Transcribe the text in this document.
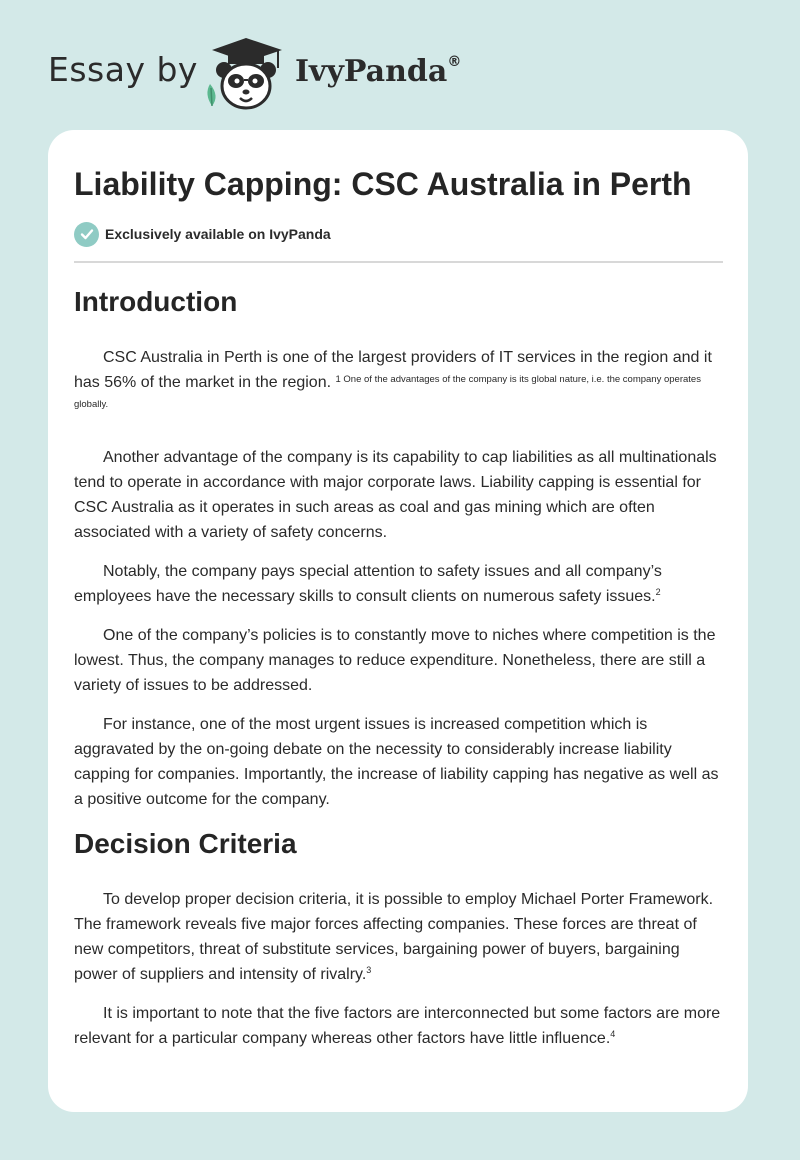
Essay by	IvyPanda®
Liability Capping: CSC Australia in Perth
Exclusively available on IvyPanda
Introduction

CSC Australia in Perth is one of the largest providers of IT services in the region and it has 56% of the market in the region. $^{1 One of the advantages of the company is its global nature, i.e. the company operates globally.}$

Another advantage of the company is its capability to cap liabilities as all multinationals tend to operate in accordance with major corporate laws. Liability capping is essential for CSC Australia as it operates in such areas as coal and gas mining which are often associated with a variety of safety concerns.

Notably, the company pays special attention to safety issues and all company’s employees have the necessary skills to consult clients on numerous safety issues.$^2$

One of the company’s policies is to constantly move to niches where competition is the lowest. Thus, the company manages to reduce expenditure. Nonetheless, there are still a variety of issues to be addressed.

For instance, one of the most urgent issues is increased competition which is aggravated by the on-going debate on the necessity to considerably increase liability capping for companies. Importantly, the increase of liability capping has negative as well as a positive outcome for the company.

Decision Criteria

To develop proper decision criteria, it is possible to employ Michael Porter Framework. The framework reveals five major forces affecting companies. These forces are threat of new competitors, threat of substitute services, bargaining power of buyers, bargaining power of suppliers and intensity of rivalry.$^3$

It is important to note that the five factors are interconnected but some factors are more relevant for a particular company whereas other factors have little influence.$^4$
